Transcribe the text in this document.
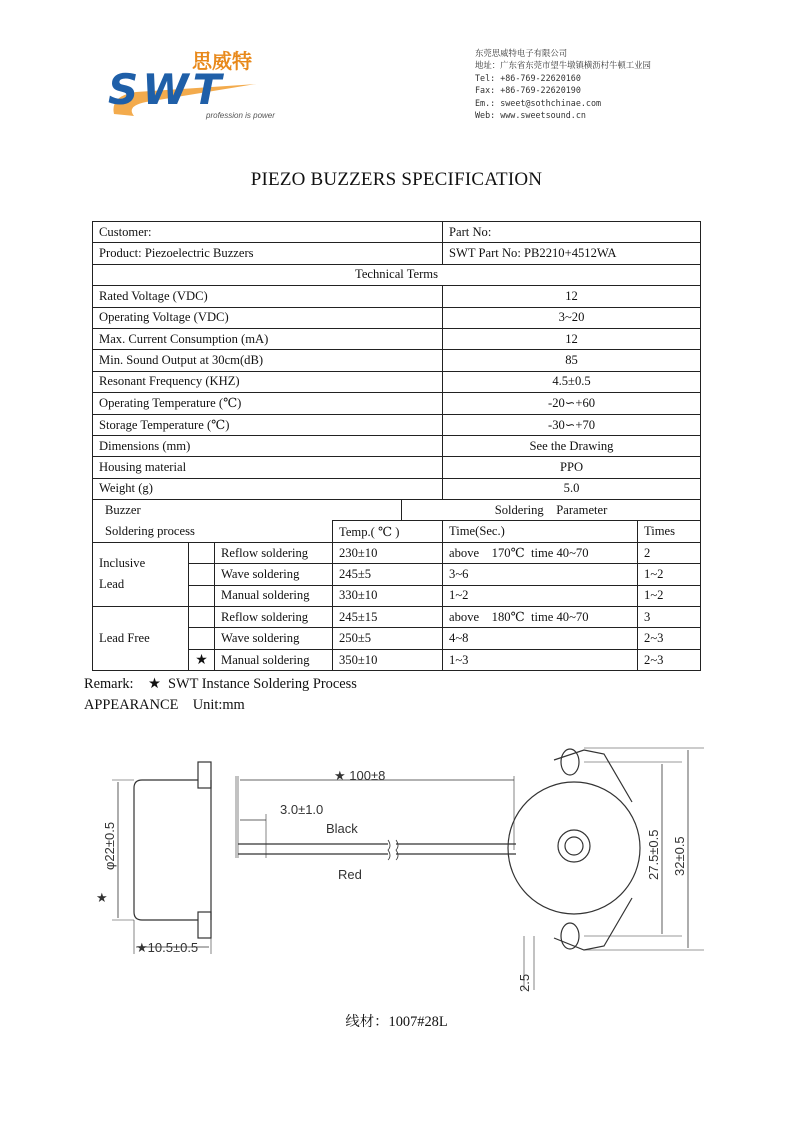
思威特
SWT
profession is power
东莞思威特电子有限公司
地址：广东省东莞市望牛墩镇横沥村牛顿工业园
Tel: +86-769-22620160
Fax: +86-769-22620190
Em.: sweet@sothchinae.com
Web: www.sweetsound.cn
PIEZO BUZZERS SPECIFICATION
Customer:					Part No:	
Product: Piezoelectric Buzzers					SWT Part No: PB2210+4512WA	
Technical Terms						
Rated Voltage (VDC)					12	
Operating Voltage (VDC)					3~20	
Max. Current Consumption (mA)					12	
Min. Sound Output at 30cm(dB)					85	
Resonant Frequency (KHZ)					4.5±0.5	
Operating Temperature (℃)					-20∽+60	
Storage Temperature (℃)					-30∽+70	
Dimensions (mm)					See the Drawing	
Housing material					PPO	
Weight (g)					5.0	
Buzzer				Soldering    Parameter		
Soldering process			Temp.( ℃ )		Time(Sec.)	Times
Inclusive
Lead		Reflow soldering	230±10		above    170℃  time 40~70	2
		Wave soldering	245±5		3~6	1~2
		Manual soldering	330±10		1~2	1~2
Lead Free		Reflow soldering	245±15		above    180℃  time 40~70	3
		Wave soldering	250±5		4~8	2~3
	★	Manual soldering	350±10		1~3	2~3
Remark:    ★  SWT Instance Soldering Process
APPEARANCE    Unit:mm
φ22±0.5
★
★10.5±0.5
★ 100±8
3.0±1.0
Black
Red	27.5±0.5 32±0.5
2.5
线材：1007#28L
